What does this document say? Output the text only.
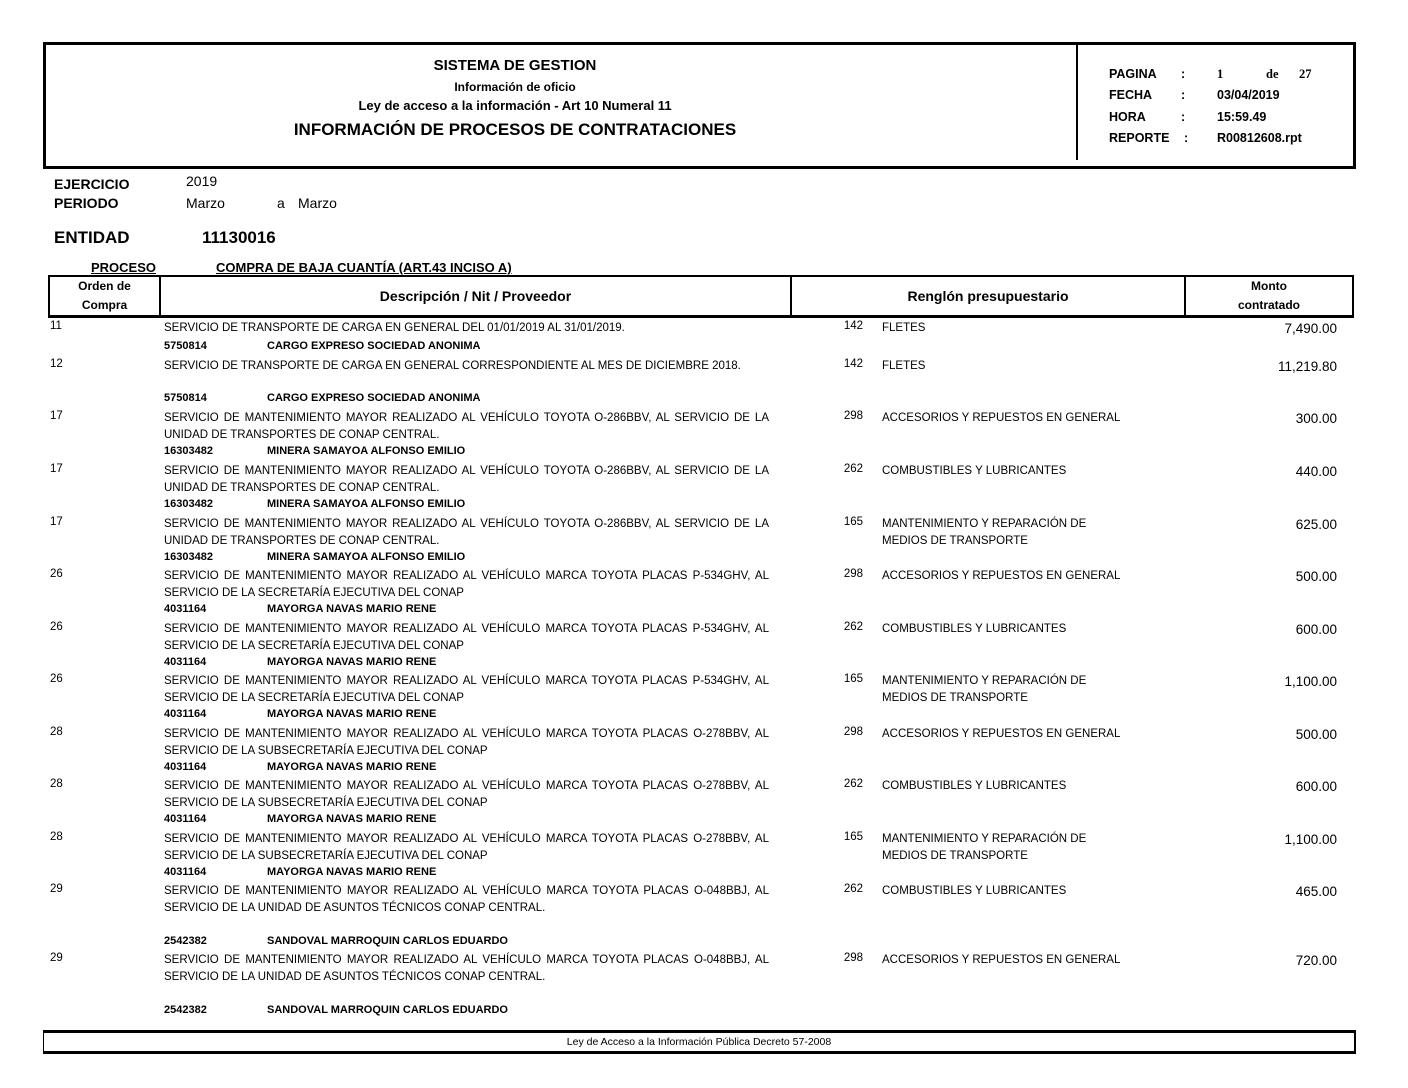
SISTEMA DE GESTION
Información de oficio
Ley de acceso a la información - Art 10 Numeral 11
INFORMACIÓN DE PROCESOS DE CONTRATACIONES
PAGINA	:	1	de 27
FECHA	:	03/04/2019
HORA	:	15:59.49
REPORTE	: R00812608.rpt
EJERCICIO	2019
PERIODO	Marzo	a Marzo
ENTIDAD	11130016
PROCESO	COMPRA DE BAJA CUANTÍA (ART.43 INCISO A)
Orden de
Compra
Descripción / Nit / Proveedor	Renglón presupuestario
Monto
contratado
11	SERVICIO DE TRANSPORTE DE CARGA EN GENERAL DEL 01/01/2019 AL 31/01/2019.
5750814	CARGO EXPRESO SOCIEDAD ANONIMA
142 FLETES	7,490.00
12	SERVICIO DE TRANSPORTE DE CARGA EN GENERAL CORRESPONDIENTE AL MES DE DICIEMBRE 2018.
5750814	CARGO EXPRESO SOCIEDAD ANONIMA
142 FLETES	11,219.80
17	SERVICIO DE MANTENIMIENTO MAYOR REALIZADO AL VEHÍCULO TOYOTA O-286BBV, AL SERVICIO DE LA UNIDAD DE TRANSPORTES DE CONAP CENTRAL.
16303482	MINERA SAMAYOA ALFONSO EMILIO
298 ACCESORIOS Y REPUESTOS EN GENERAL	300.00
17	SERVICIO DE MANTENIMIENTO MAYOR REALIZADO AL VEHÍCULO TOYOTA O-286BBV, AL SERVICIO DE LA UNIDAD DE TRANSPORTES DE CONAP CENTRAL.
16303482	MINERA SAMAYOA ALFONSO EMILIO
262 COMBUSTIBLES Y LUBRICANTES	440.00
17	SERVICIO DE MANTENIMIENTO MAYOR REALIZADO AL VEHÍCULO TOYOTA O-286BBV, AL SERVICIO DE LA UNIDAD DE TRANSPORTES DE CONAP CENTRAL.
16303482	MINERA SAMAYOA ALFONSO EMILIO
165 MANTENIMIENTO Y REPARACIÓN DE MEDIOS DE TRANSPORTE
625.00
26	SERVICIO DE MANTENIMIENTO MAYOR REALIZADO AL VEHÍCULO MARCA TOYOTA PLACAS P-534GHV, AL SERVICIO DE LA SECRETARÍA EJECUTIVA DEL CONAP
4031164	MAYORGA NAVAS MARIO RENE
298 ACCESORIOS Y REPUESTOS EN GENERAL	500.00
26	SERVICIO DE MANTENIMIENTO MAYOR REALIZADO AL VEHÍCULO MARCA TOYOTA PLACAS P-534GHV, AL SERVICIO DE LA SECRETARÍA EJECUTIVA DEL CONAP
4031164	MAYORGA NAVAS MARIO RENE
262 COMBUSTIBLES Y LUBRICANTES	600.00
26	SERVICIO DE MANTENIMIENTO MAYOR REALIZADO AL VEHÍCULO MARCA TOYOTA PLACAS P-534GHV, AL SERVICIO DE LA SECRETARÍA EJECUTIVA DEL CONAP
4031164	MAYORGA NAVAS MARIO RENE
165 MANTENIMIENTO Y REPARACIÓN DE MEDIOS DE TRANSPORTE
1,100.00
28	SERVICIO DE MANTENIMIENTO MAYOR REALIZADO AL VEHÍCULO MARCA TOYOTA PLACAS O-278BBV, AL SERVICIO DE LA SUBSECRETARÍA EJECUTIVA DEL CONAP
4031164	MAYORGA NAVAS MARIO RENE
298 ACCESORIOS Y REPUESTOS EN GENERAL	500.00
28	SERVICIO DE MANTENIMIENTO MAYOR REALIZADO AL VEHÍCULO MARCA TOYOTA PLACAS O-278BBV, AL SERVICIO DE LA SUBSECRETARÍA EJECUTIVA DEL CONAP
4031164	MAYORGA NAVAS MARIO RENE
262 COMBUSTIBLES Y LUBRICANTES	600.00
28	SERVICIO DE MANTENIMIENTO MAYOR REALIZADO AL VEHÍCULO MARCA TOYOTA PLACAS O-278BBV, AL SERVICIO DE LA SUBSECRETARÍA EJECUTIVA DEL CONAP
4031164	MAYORGA NAVAS MARIO RENE
165 MANTENIMIENTO Y REPARACIÓN DE MEDIOS DE TRANSPORTE
1,100.00
29	SERVICIO DE MANTENIMIENTO MAYOR REALIZADO AL VEHÍCULO MARCA TOYOTA PLACAS O-048BBJ, AL SERVICIO DE LA UNIDAD DE ASUNTOS TÉCNICOS CONAP CENTRAL.
2542382	SANDOVAL MARROQUIN CARLOS EDUARDO
262 COMBUSTIBLES Y LUBRICANTES	465.00
29	SERVICIO DE MANTENIMIENTO MAYOR REALIZADO AL VEHÍCULO MARCA TOYOTA PLACAS O-048BBJ, AL SERVICIO DE LA UNIDAD DE ASUNTOS TÉCNICOS CONAP CENTRAL.
2542382	SANDOVAL MARROQUIN CARLOS EDUARDO
298 ACCESORIOS Y REPUESTOS EN GENERAL	720.00
Ley de Acceso a la Información Pública Decreto 57-2008
